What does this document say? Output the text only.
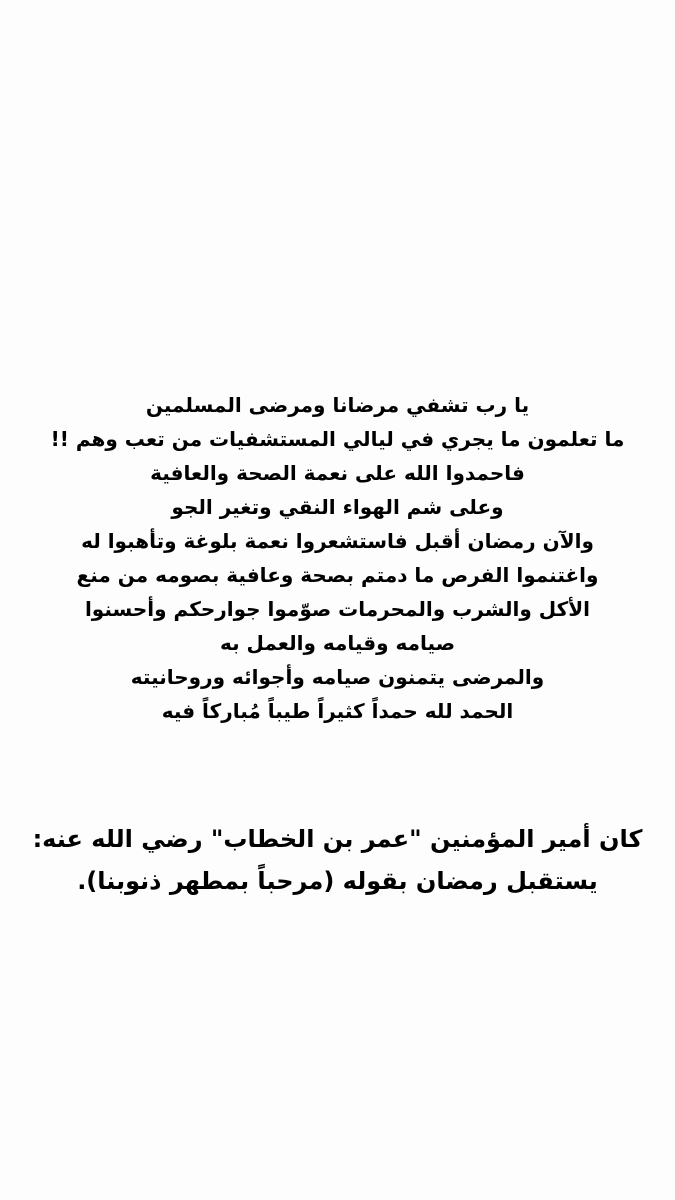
يا رب تشفي مرضانا ومرضى المسلمين
ما تعلمون ما يجري في ليالي المستشفيات من تعب وهم !!
فاحمدوا الله على نعمة الصحة والعافية
وعلى شم الهواء النقي وتغير الجو
والآن رمضان أقبل فاستشعروا نعمة بلوغة وتأهبوا له
واغتنموا الفرص ما دمتم بصحة وعافية بصومه من منع
الأكل والشرب والمحرمات صوّموا جوارحكم وأحسنوا
صيامه وقيامه والعمل به
والمرضى يتمنون صيامه وأجوائه وروحانيته
الحمد لله حمداً كثيراً طيباً مُباركاً فيه
كان أمير المؤمنين "عمر بن الخطاب" رضي الله عنه:
يستقبل رمضان بقوله (مرحباً بمطهر ذنوبنا).
